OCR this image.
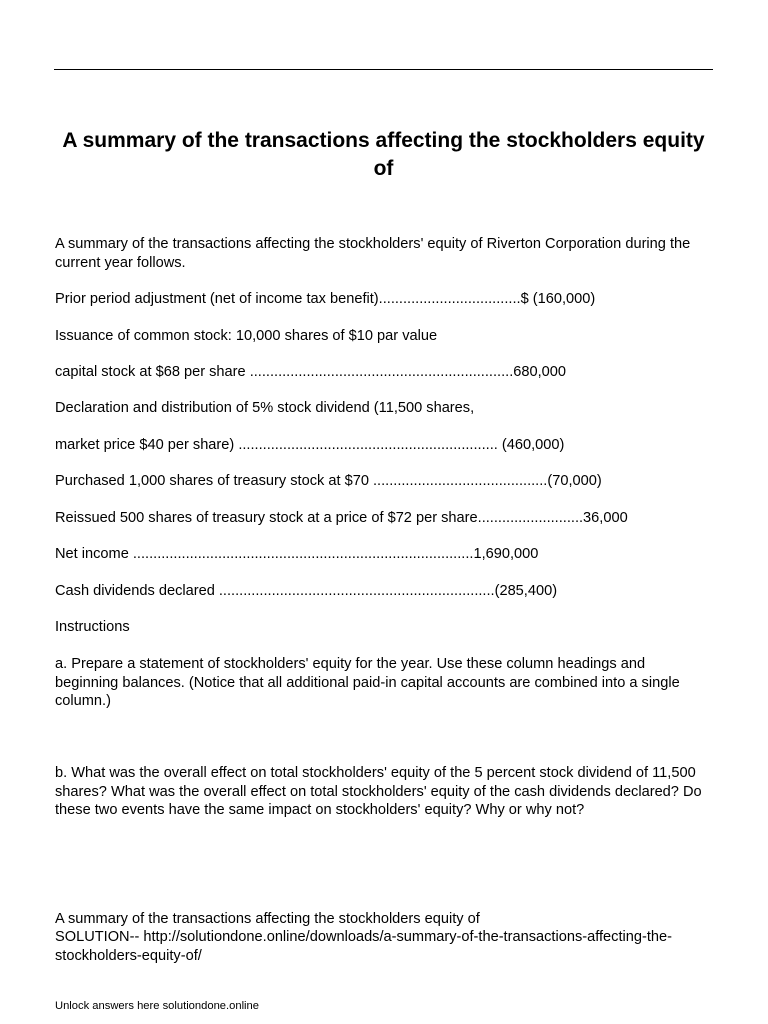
A summary of the transactions affecting the stockholders equity of

A summary of the transactions affecting the stockholders' equity of Riverton Corporation during the current year follows.

Prior period adjustment (net of income tax benefit)...................................$ (160,000)

Issuance of common stock: 10,000 shares of $10 par value

capital stock at $68 per share .................................................................680,000

Declaration and distribution of 5% stock dividend (11,500 shares,

market price $40 per share) ................................................................ (460,000)

Purchased 1,000 shares of treasury stock at $70 ...........................................(70,000)

Reissued 500 shares of treasury stock at a price of $72 per share..........................36,000

Net income ....................................................................................1,690,000

Cash dividends declared ....................................................................(285,400)

Instructions

a. Prepare a statement of stockholders' equity for the year. Use these column headings and beginning balances. (Notice that all additional paid-in capital accounts are combined into a single column.)

b. What was the overall effect on total stockholders' equity of the 5 percent stock dividend of 11,500 shares? What was the overall effect on total stockholders' equity of the cash dividends declared? Do these two events have the same impact on stockholders' equity? Why or why not?

A summary of the transactions affecting the stockholders equity of

SOLUTION-- http://solutiondone.online/downloads/a-summary-of-the-transactions-affecting-the-stockholders-equity-of/

Unlock answers here solutiondone.online
